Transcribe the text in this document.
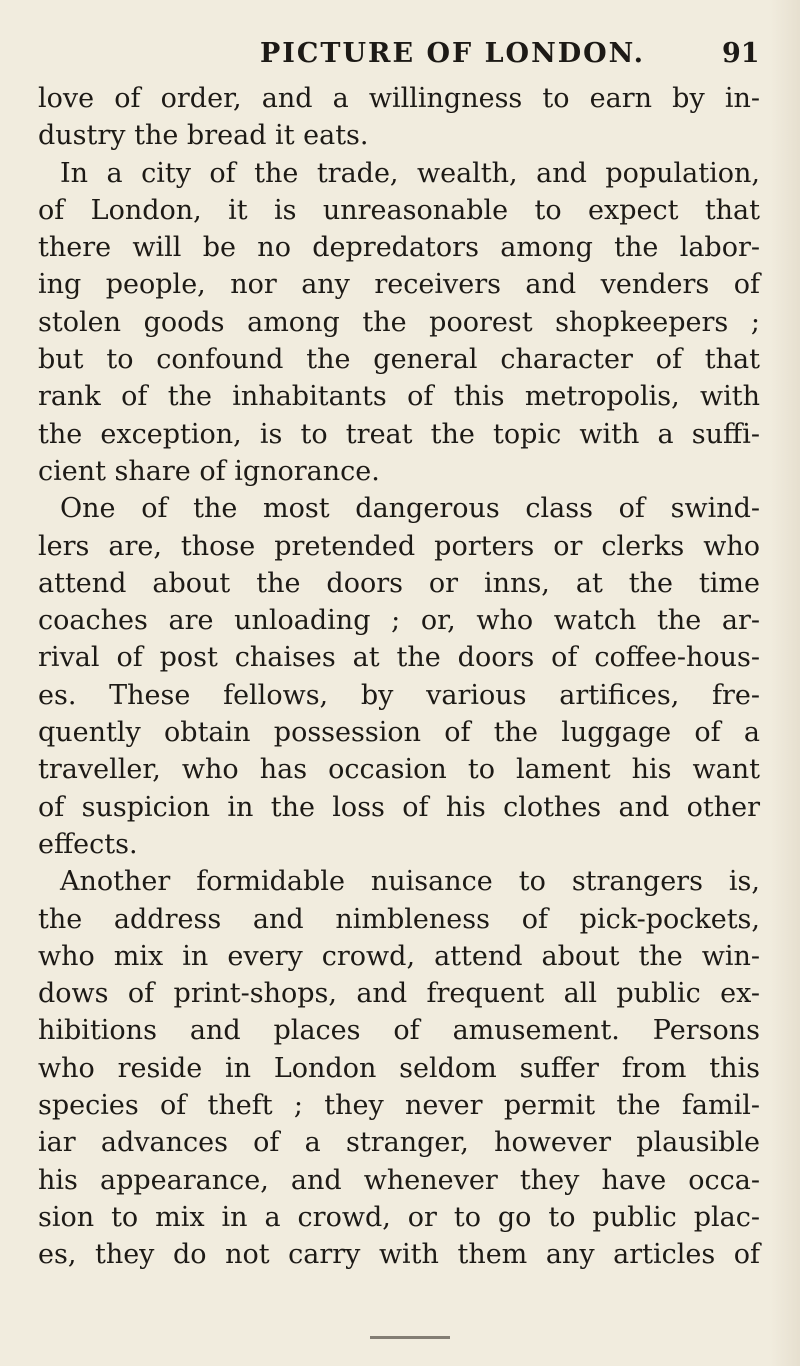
PICTURE OF LONDON.	91
love of order, and a willingness to earn by in-
dustry the bread it eats.
In a city of the trade, wealth, and population,
of London, it is unreasonable to expect that
there will be no depredators among the labor-
ing people, nor any receivers and venders of
stolen goods among the poorest shopkeepers ;
but to confound the general character of that
rank of the inhabitants of this metropolis, with
the exception, is to treat the topic with a suffi-
cient share of ignorance.
One of the most dangerous class of swind-
lers are, those pretended porters or clerks who
attend about the doors or inns, at the time
coaches are unloading ; or, who watch the ar-
rival of post chaises at the doors of coffee-hous-
es. These fellows, by various artifices, fre-
quently obtain possession of the luggage of a
traveller, who has occasion to lament his want
of suspicion in the loss of his clothes and other
effects.
Another formidable nuisance to strangers is,
the address and nimbleness of pick-pockets,
who mix in every crowd, attend about the win-
dows of print-shops, and frequent all public ex-
hibitions and places of amusement. Persons
who reside in London seldom suffer from this
species of theft ; they never permit the famil-
iar advances of a stranger, however plausible
his appearance, and whenever they have occa-
sion to mix in a crowd, or to go to public plac-
es, they do not carry with them any articles of
